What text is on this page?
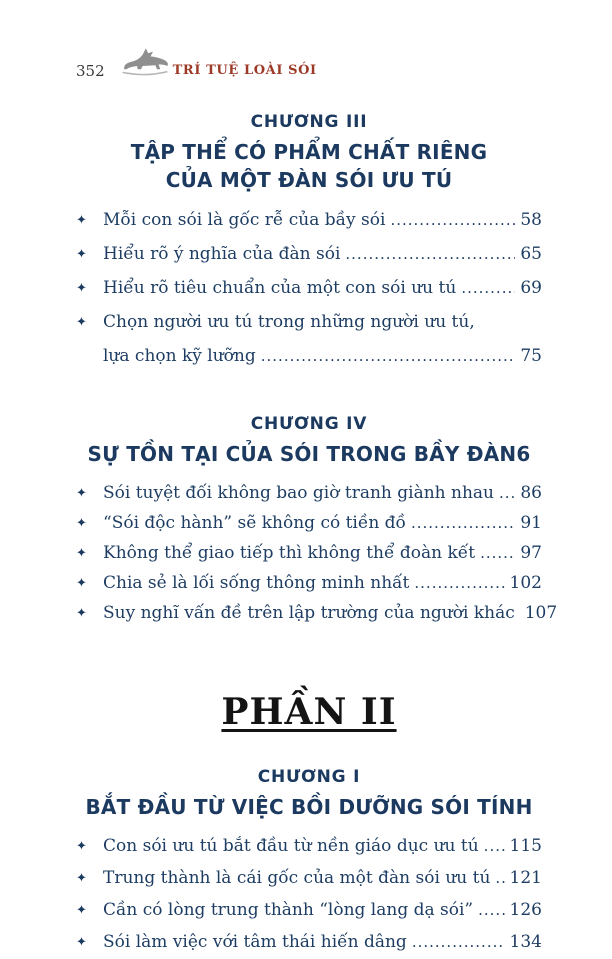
352	TRÍ TUỆ LOÀI SÓI
CHƯƠNG III
TẬP THỂ CÓ PHẨM CHẤT RIÊNG
CỦA MỘT ĐÀN SÓI ƯU TÚ
✦ Mỗi con sói là gốc rễ của bầy sói .....	58
✦ Hiểu rõ ý nghĩa của đàn sói .....	65
✦ Hiểu rõ tiêu chuẩn của một con sói ưu tú .....	69
✦ Chọn người ưu tú trong những người ưu tú,
lựa chọn kỹ lưỡng .....	75
CHƯƠNG IV
SỰ TỒN TẠI CỦA SÓI TRONG BẦY ĐÀN6
✦ Sói tuyệt đối không bao giờ tranh giành nhau ..... 86
✦ “Sói độc hành” sẽ không có tiền đồ .....	91
✦ Không thể giao tiếp thì không thể đoàn kết .....	97
✦ Chia sẻ là lối sống thông minh nhất .....	102
✦ Suy nghĩ vấn đề trên lập trường của người khác 107
PHẦN II
CHƯƠNG I
BẮT ĐẦU TỪ VIỆC BỒI DƯỠNG SÓI TÍNH
✦ Con sói ưu tú bắt đầu từ nền giáo dục ưu tú ..... 115
✦ Trung thành là cái gốc của một đàn sói ưu tú ..... 121
✦ Cần có lòng trung thành “lòng lang dạ sói” ..... 126
✦ Sói làm việc với tâm thái hiến dâng .....	134
